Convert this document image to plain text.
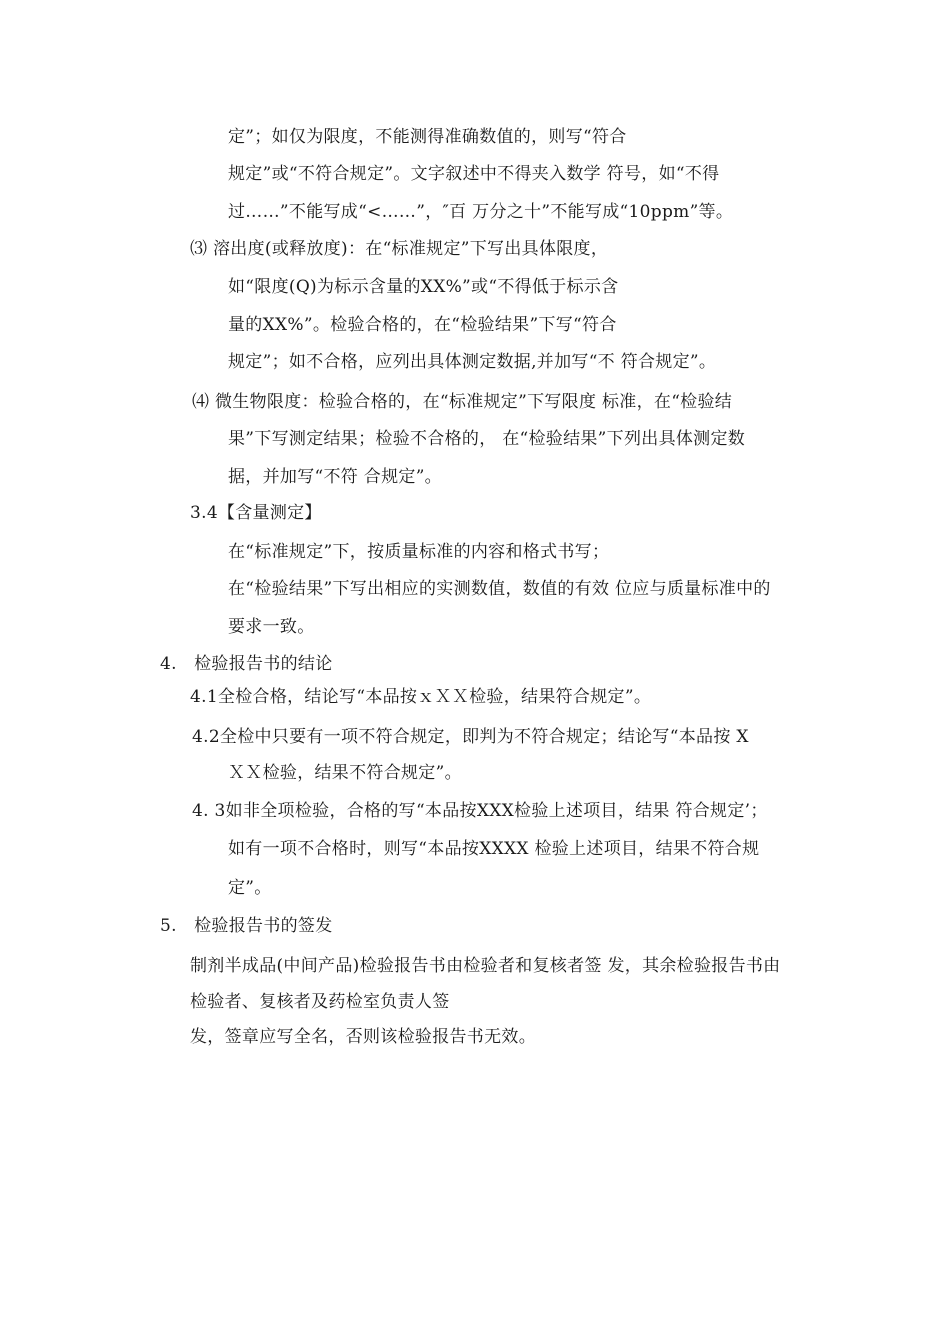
定”；如仅为限度，不能测得准确数值的，则写“符合
规定”或“不符合规定”。文字叙述中不得夹入数学 符号，如“不得
过……”不能写成“<……”，″百 万分之十”不能写成“10ppm”等。
⑶ 溶出度(或释放度)：在“标准规定”下写出具体限度，
如“限度(Q)为标示含量的XX%”或“不得低于标示含
量的XX%”。检验合格的，在“检验结果”下写“符合
规定”；如不合格，应列出具体测定数据,并加写“不 符合规定”。
⑷ 微生物限度：检验合格的，在“标准规定”下写限度 标准，在“检验结
果”下写测定结果；检验不合格的， 在“检验结果”下列出具体测定数
据，并加写“不符 合规定”。
3.4【含量测定】
在“标准规定”下，按质量标准的内容和格式书写；
在“检验结果”下写出相应的实测数值，数值的有效 位应与质量标准中的
要求一致。
4.　检验报告书的结论
4.1全检合格，结论写“本品按ｘＸＸ检验，结果符合规定”。
4.2全检中只要有一项不符合规定，即判为不符合规定；结论写“本品按 X
ＸＸ检验，结果不符合规定”。
4. 3如非全项检验，合格的写“本品按XXX检验上述项目，结果 符合规定’；
如有一项不合格时，则写“本品按XXXX 检验上述项目，结果不符合规
定”。
5.　检验报告书的签发
制剂半成品(中间产品)检验报告书由检验者和复核者签 发，其余检验报告书由
检验者、复核者及药检室负责人签
发，签章应写全名，否则该检验报告书无效。
